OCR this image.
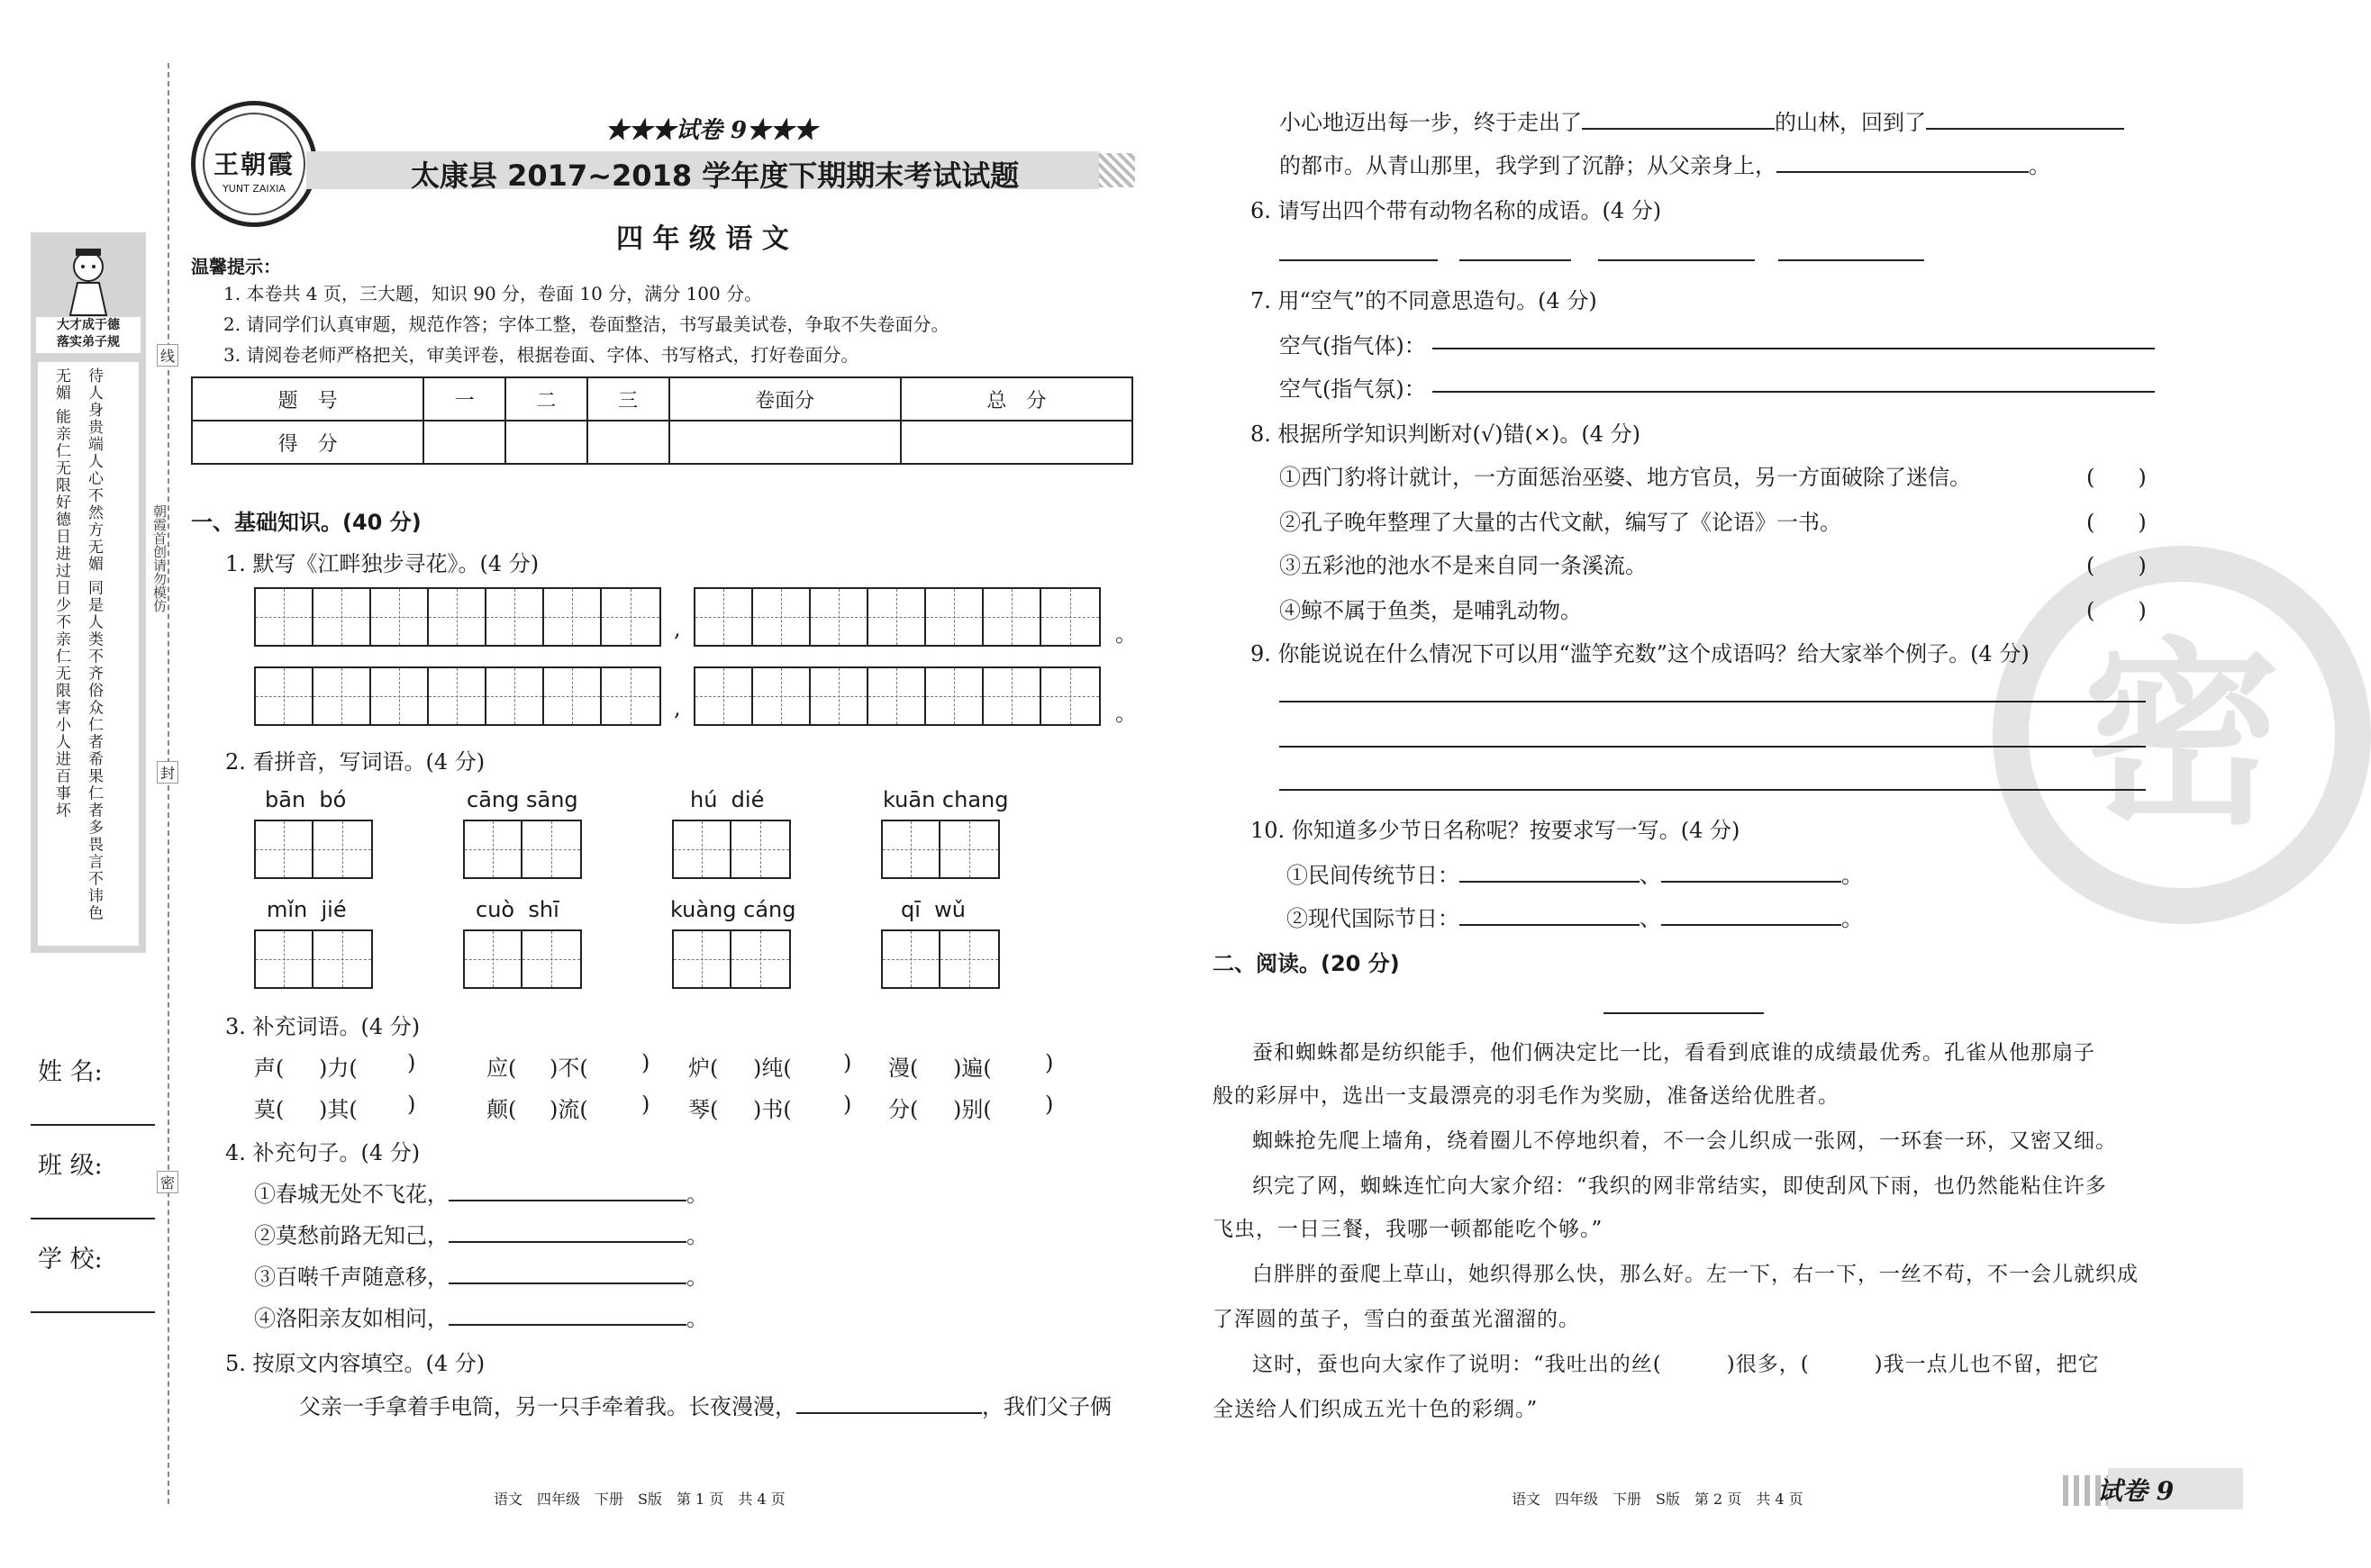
线
封
密
朝霞首创
请勿模仿
大才成于德
落实弟子规
待人身贵端人心不然方无媚 同是人类不齐俗众仁者希果仁者多畏言不讳色无媚 能亲仁无限好德日进过日少不亲仁无限害小人进百事坏
姓 名:
班 级:
学 校:
王朝霞
YUNT ZAIXIA
★★★试卷 9★★★
太康县 2017~2018 学年度下期期末考试试题
四 年 级 语 文
温馨提示：
1. 本卷共 4 页，三大题，知识 90 分，卷面 10 分，满分 100 分。
2. 请同学们认真审题，规范作答；字体工整，卷面整洁，书写最美试卷，争取不失卷面分。
3. 请阅卷老师严格把关，审美评卷，根据卷面、字体、书写格式，打好卷面分。
题　号	一	二	三	卷面分	总　分
得　分					
一、基础知识。(40 分)
1. 默写《江畔独步寻花》。(4 分)
,	。
,	。
2. 看拼音，写词语。(4 分)
bān  bó	cāng sāng	hú  dié	kuān chang
mǐn  jié	cuò  shī	kuàng cáng	qī  wǔ
3. 补充词语。(4 分)
声(	)力(	)	应(	)不(	)	炉(	)纯(	)	漫(	)遍(	)
莫(	)其(	)	颠(	)流(	)	琴(	)书(	)	分(	)别(	)
4. 补充句子。(4 分)
①春城无处不飞花，	。
②莫愁前路无知己，	。
③百啭千声随意移，	。
④洛阳亲友如相问，	。
5. 按原文内容填空。(4 分)
父亲一手拿着手电筒，另一只手牵着我。长夜漫漫，	，我们父子俩
语文　四年级　下册　S版　第 1 页　共 4 页
密
小心地迈出每一步，终于走出了	的山林，回到了
的都市。从青山那里，我学到了沉静；从父亲身上，	。
6. 请写出四个带有动物名称的成语。(4 分)
7. 用“空气”的不同意思造句。(4 分)
空气(指气体)：
空气(指气氛)：
8. 根据所学知识判断对(√)错(×)。(4 分)
①西门豹将计就计，一方面惩治巫婆、地方官员，另一方面破除了迷信。	(　　)
②孔子晚年整理了大量的古代文献，编写了《论语》一书。	(　　)
③五彩池的池水不是来自同一条溪流。	(　　)
④鲸不属于鱼类，是哺乳动物。	(　　)
9. 你能说说在什么情况下可以用“滥竽充数”这个成语吗？给大家举个例子。(4 分)
10. 你知道多少节日名称呢？按要求写一写。(4 分)
①民间传统节日：	、	。
②现代国际节日：	、	。
二、阅读。(20 分)
蚕和蜘蛛都是纺织能手，他们俩决定比一比，看看到底谁的成绩最优秀。孔雀从他那扇子
般的彩屏中，选出一支最漂亮的羽毛作为奖励，准备送给优胜者。
蜘蛛抢先爬上墙角，绕着圈儿不停地织着，不一会儿织成一张网，一环套一环，又密又细。
织完了网，蜘蛛连忙向大家介绍：“我织的网非常结实，即使刮风下雨，也仍然能粘住许多
飞虫，一日三餐，我哪一顿都能吃个够。”
白胖胖的蚕爬上草山，她织得那么快，那么好。左一下，右一下，一丝不苟，不一会儿就织成
了浑圆的茧子，雪白的蚕茧光溜溜的。
这时，蚕也向大家作了说明：“我吐出的丝(　　　)很多，(　　　)我一点儿也不留，把它
全送给人们织成五光十色的彩绸。”
语文　四年级　下册　S版　第 2 页　共 4 页	试卷 9
